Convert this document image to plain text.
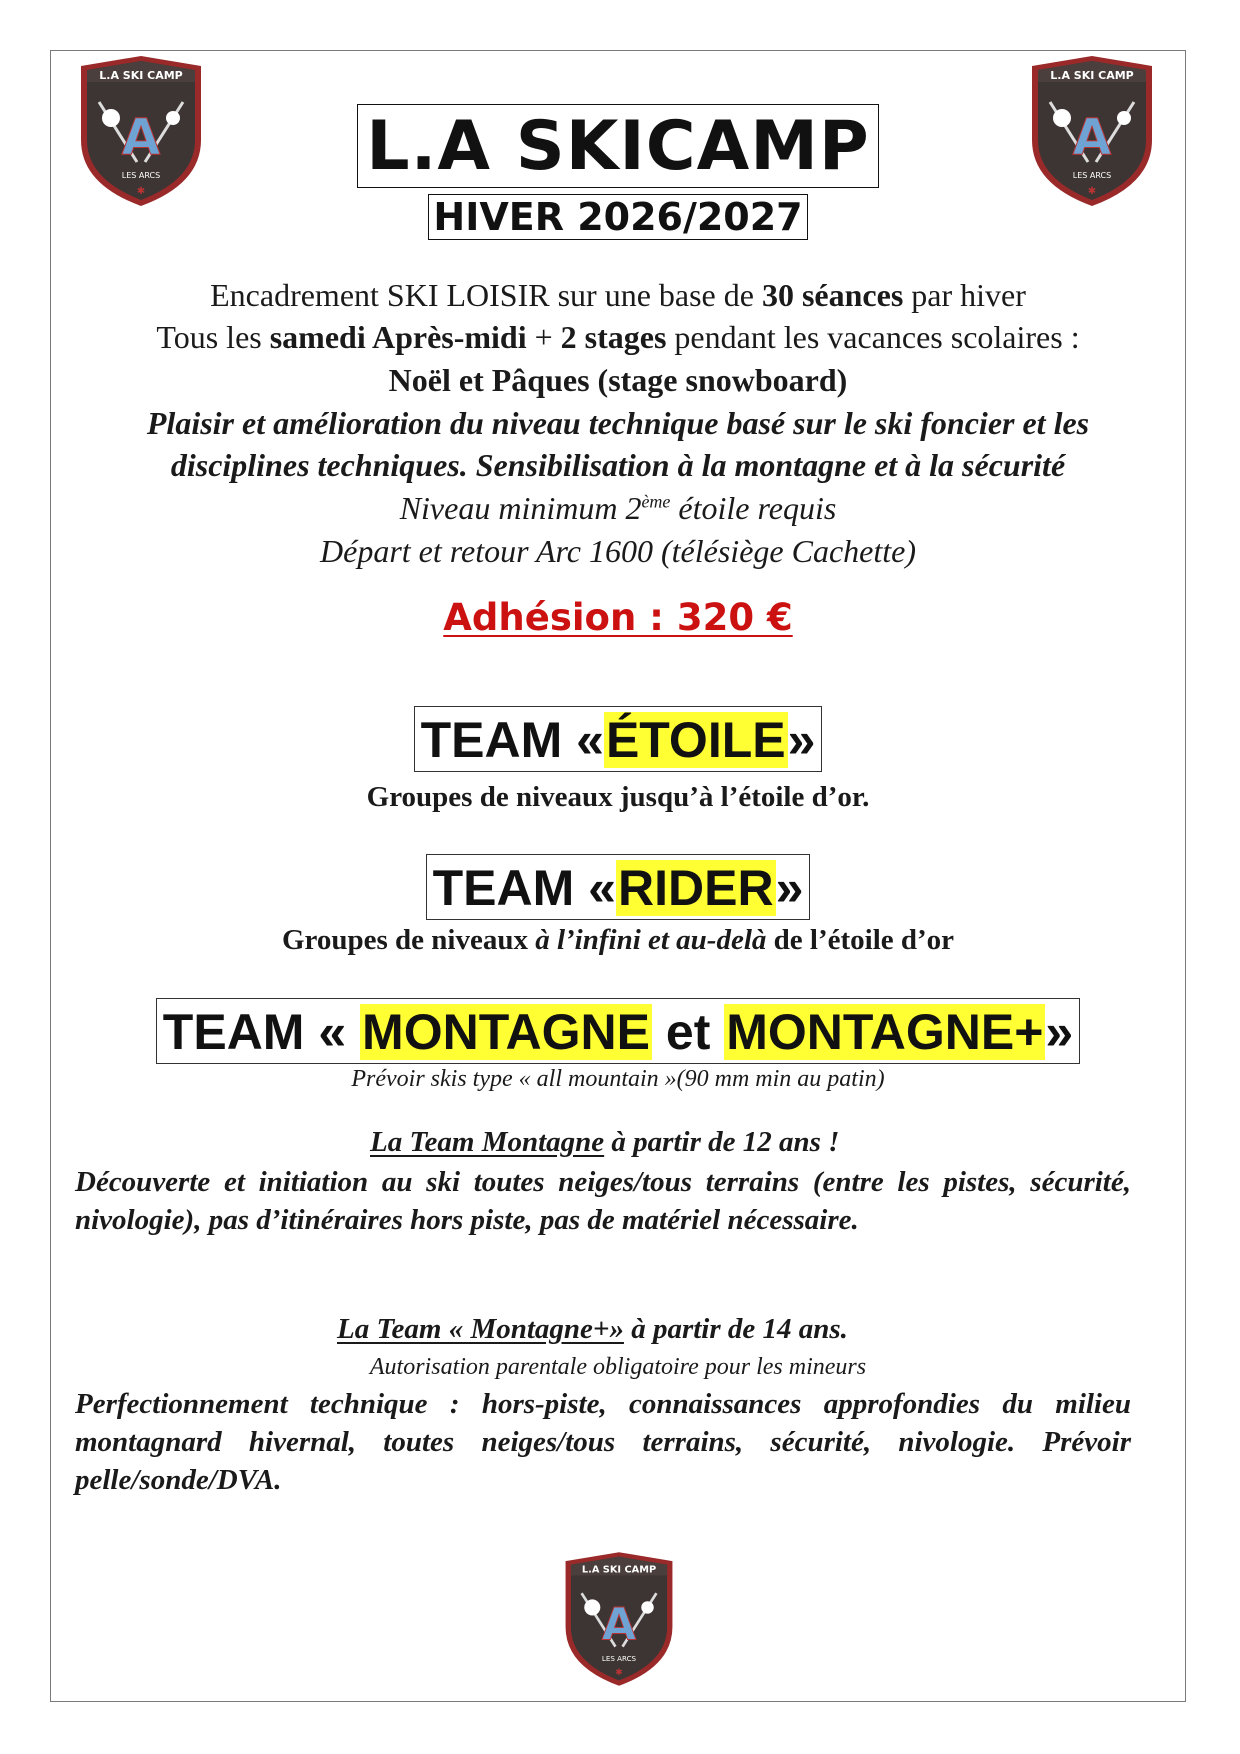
L.A SKI CAMP
A
LES ARCS
✱
L.A SKI CAMP
A
LES ARCS
✱
L.A SKI CAMP
A
LES ARCS
✱
L.A SKICAMP
HIVER 2026/2027
Encadrement SKI LOISIR sur une base de 30 séances par hiver
Tous les samedi Après-midi + 2 stages pendant les vacances scolaires :
Noël et Pâques (stage snowboard)
Plaisir et amélioration du niveau technique basé sur le ski foncier et les
disciplines techniques. Sensibilisation à la montagne et à la sécurité
Niveau minimum 2ème étoile requis
Départ et retour Arc 1600 (télésiège Cachette)
Adhésion : 320 €
TEAM «ÉTOILE»
Groupes de niveaux jusqu’à l’étoile d’or.
TEAM «RIDER»
Groupes de niveaux à l’infini et au-delà de l’étoile d’or
TEAM « MONTAGNE et MONTAGNE+»
Prévoir skis type « all mountain »(90 mm min au patin)
La Team Montagne à partir de 12 ans !
Découverte et initiation au ski toutes neiges/tous terrains (entre les pistes, sécurité, nivologie), pas d’itinéraires hors piste, pas de matériel nécessaire.
La Team « Montagne+» à partir de 14 ans.
Autorisation parentale obligatoire pour les mineurs
Perfectionnement technique : hors-piste, connaissances approfondies du milieu montagnard hivernal, toutes neiges/tous terrains, sécurité, nivologie. Prévoir pelle/sonde/DVA.
